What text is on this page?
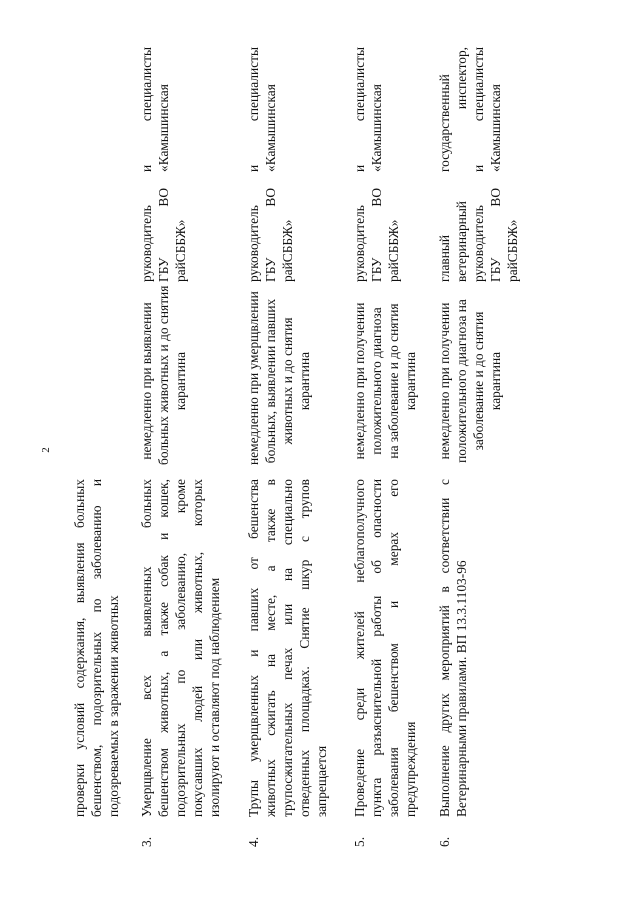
2
проверки условий содержания, выявления больных бешенством, подозрительных по заболеванию и подозреваемых в заражении животных
3.
Умерщвление всех выявленных больных бешенством животных, а также собак и кошек, подозрительных по заболеванию, кроме покусавших людей или животных, которых изолируют и оставляют под наблюдением
немедленно при выявлении больных животных и до снятия карантина
руководитель ГБУ ВО райСББЖ»
и специалисты «Камышинская
4.
Трупы умерщвленных и павших от бешенства животных сжигать на месте, а также в трупосжигательных печах или на специально отведенных площадках. Снятие шкур с трупов запрещается
немедленно при умерщвлении больных, выявлении павших животных и до снятия карантина
руководитель ГБУ ВО райСББЖ»
и специалисты «Камышинская
5.
Проведение среди жителей неблагополучного пункта разъяснительной работы об опасности заболевания бешенством и мерах его предупреждения
немедленно при получении положительного диагноза на заболевание и до снятия карантина
руководитель ГБУ ВО райСББЖ»
и специалисты «Камышинская
6.
Выполнение других мероприятий в соответствии с Ветеринарными правилами. ВП 13.3.1103-96
немедленно при получении положительного диагноза на заболевание и до снятия карантина
главный ветеринарный руководитель ГБУ ВО райСББЖ»
государственный инспектор, и специалисты «Камышинская
